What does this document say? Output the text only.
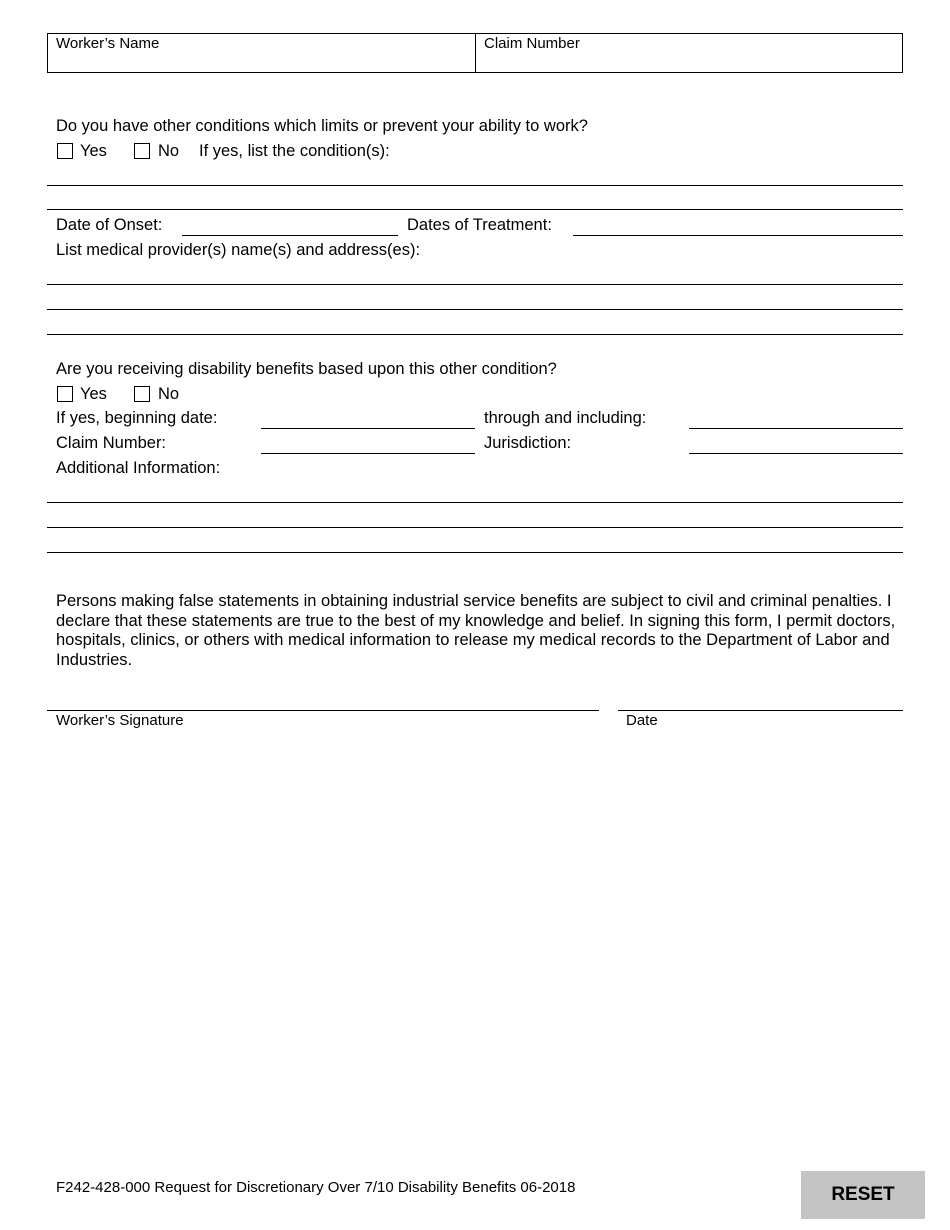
Worker’s Name	Claim Number
Do you have other conditions which limits or prevent your ability to work?
Yes	No If yes, list the condition(s):
Date of Onset:	Dates of Treatment:
List medical provider(s) name(s) and address(es):
Are you receiving disability benefits based upon this other condition?
Yes	No
If yes, beginning date:	through and including:
Claim Number:	Jurisdiction:
Additional Information:
Persons making false statements in obtaining industrial service benefits are subject to civil and criminal penalties. I declare that these statements are true to the best of my knowledge and belief. In signing this form, I permit doctors, hospitals, clinics, or others with medical information to release my medical records to the Department of Labor and Industries.
Worker’s Signature	Date
F242-428-000 Request for Discretionary Over 7/10 Disability Benefits 06-2018	RESET
